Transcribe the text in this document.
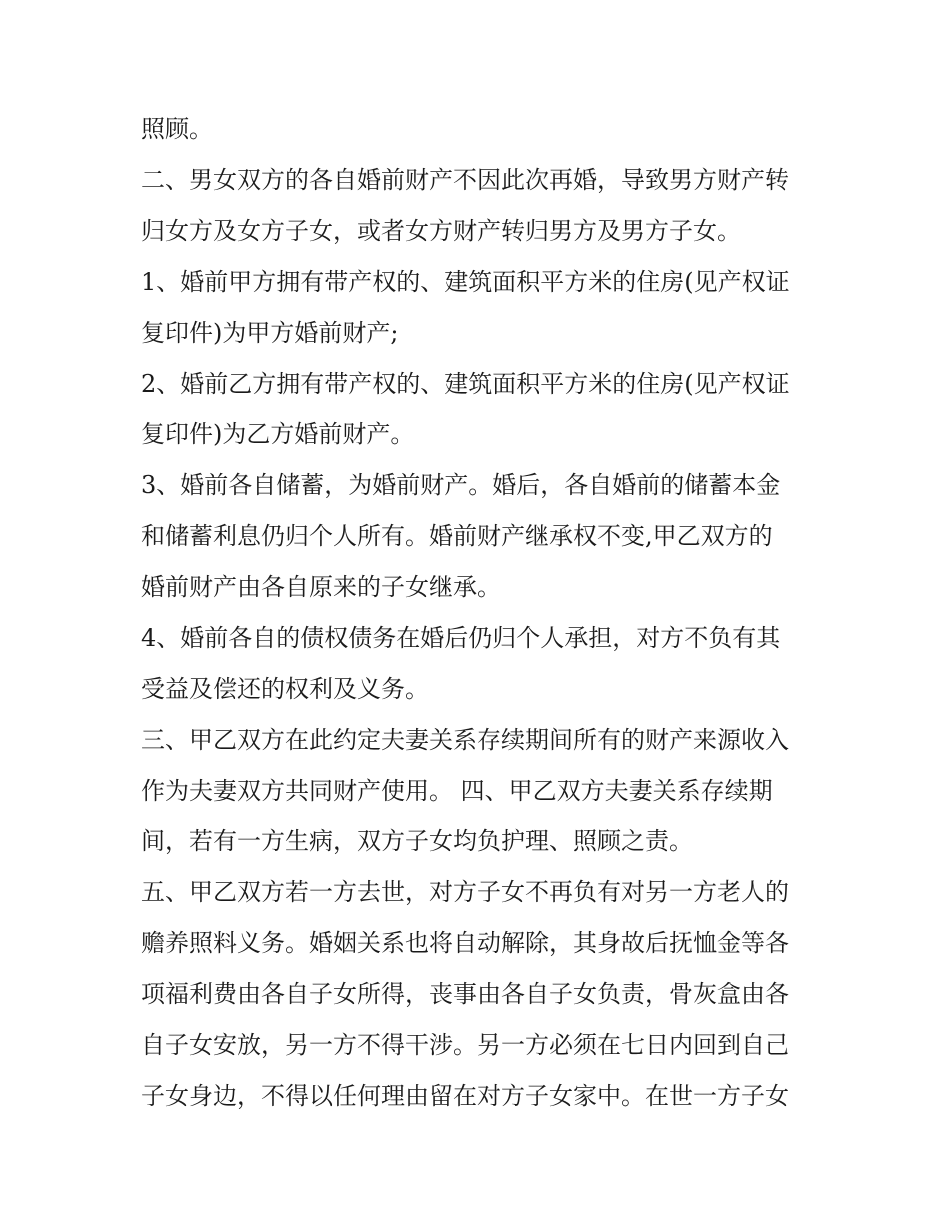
照顾。
二、男女双方的各自婚前财产不因此次再婚，导致男方财产转
归女方及女方子女，或者女方财产转归男方及男方子女。
1、婚前甲方拥有带产权的、建筑面积平方米的住房(见产权证
复印件)为甲方婚前财产;
2、婚前乙方拥有带产权的、建筑面积平方米的住房(见产权证
复印件)为乙方婚前财产。
3、婚前各自储蓄，为婚前财产。婚后，各自婚前的储蓄本金
和储蓄利息仍归个人所有。婚前财产继承权不变,甲乙双方的
婚前财产由各自原来的子女继承。
4、婚前各自的债权债务在婚后仍归个人承担，对方不负有其
受益及偿还的权利及义务。
三、甲乙双方在此约定夫妻关系存续期间所有的财产来源收入
作为夫妻双方共同财产使用。 四、甲乙双方夫妻关系存续期
间，若有一方生病，双方子女均负护理、照顾之责。
五、甲乙双方若一方去世，对方子女不再负有对另一方老人的
赡养照料义务。婚姻关系也将自动解除，其身故后抚恤金等各
项福利费由各自子女所得，丧事由各自子女负责，骨灰盒由各
自子女安放，另一方不得干涉。另一方必须在七日内回到自己
子女身边，不得以任何理由留在对方子女家中。在世一方子女
